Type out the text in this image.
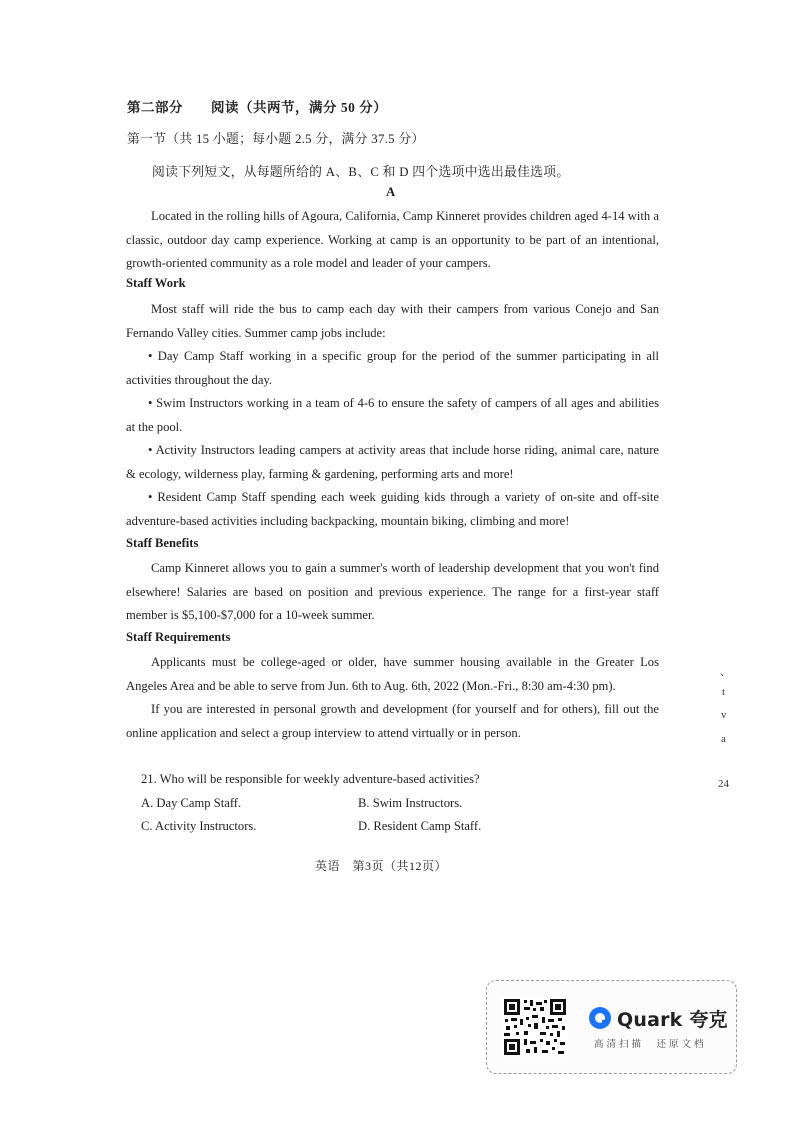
第二部分　　阅读（共两节，满分 50 分）
第一节（共 15 小题；每小题 2.5 分，满分 37.5 分）
阅读下列短文，从每题所给的 A、B、C 和 D 四个选项中选出最佳选项。
A
Located in the rolling hills of Agoura, California, Camp Kinneret provides children aged 4-14 with a classic, outdoor day camp experience. Working at camp is an opportunity to be part of an intentional, growth-oriented community as a role model and leader of your campers.
Staff Work
Most staff will ride the bus to camp each day with their campers from various Conejo and San Fernando Valley cities. Summer camp jobs include:
• Day Camp Staff working in a specific group for the period of the summer participating in all activities throughout the day.
• Swim Instructors working in a team of 4-6 to ensure the safety of campers of all ages and abilities at the pool.
• Activity Instructors leading campers at activity areas that include horse riding, animal care, nature & ecology, wilderness play, farming & gardening, performing arts and more!
• Resident Camp Staff spending each week guiding kids through a variety of on-site and off-site adventure-based activities including backpacking, mountain biking, climbing and more!
Staff Benefits
Camp Kinneret allows you to gain a summer's worth of leadership development that you won't find elsewhere! Salaries are based on position and previous experience. The range for a first-year staff member is $5,100-$7,000 for a 10-week summer.
Staff Requirements
Applicants must be college-aged or older, have summer housing available in the Greater Los Angeles Area and be able to serve from Jun. 6th to Aug. 6th, 2022 (Mon.-Fri., 8:30 am-4:30 pm).
If you are interested in personal growth and development (for yourself and for others), fill out the online application and select a group interview to attend virtually or in person.
21. Who will be responsible for weekly adventure-based activities?
A. Day Camp Staff.	B. Swim Instructors.
C. Activity Instructors.	D. Resident Camp Staff.
英语　第3页（共12页）
、
t
v
a
24
Quark 夸克
高清扫描　还原文档
